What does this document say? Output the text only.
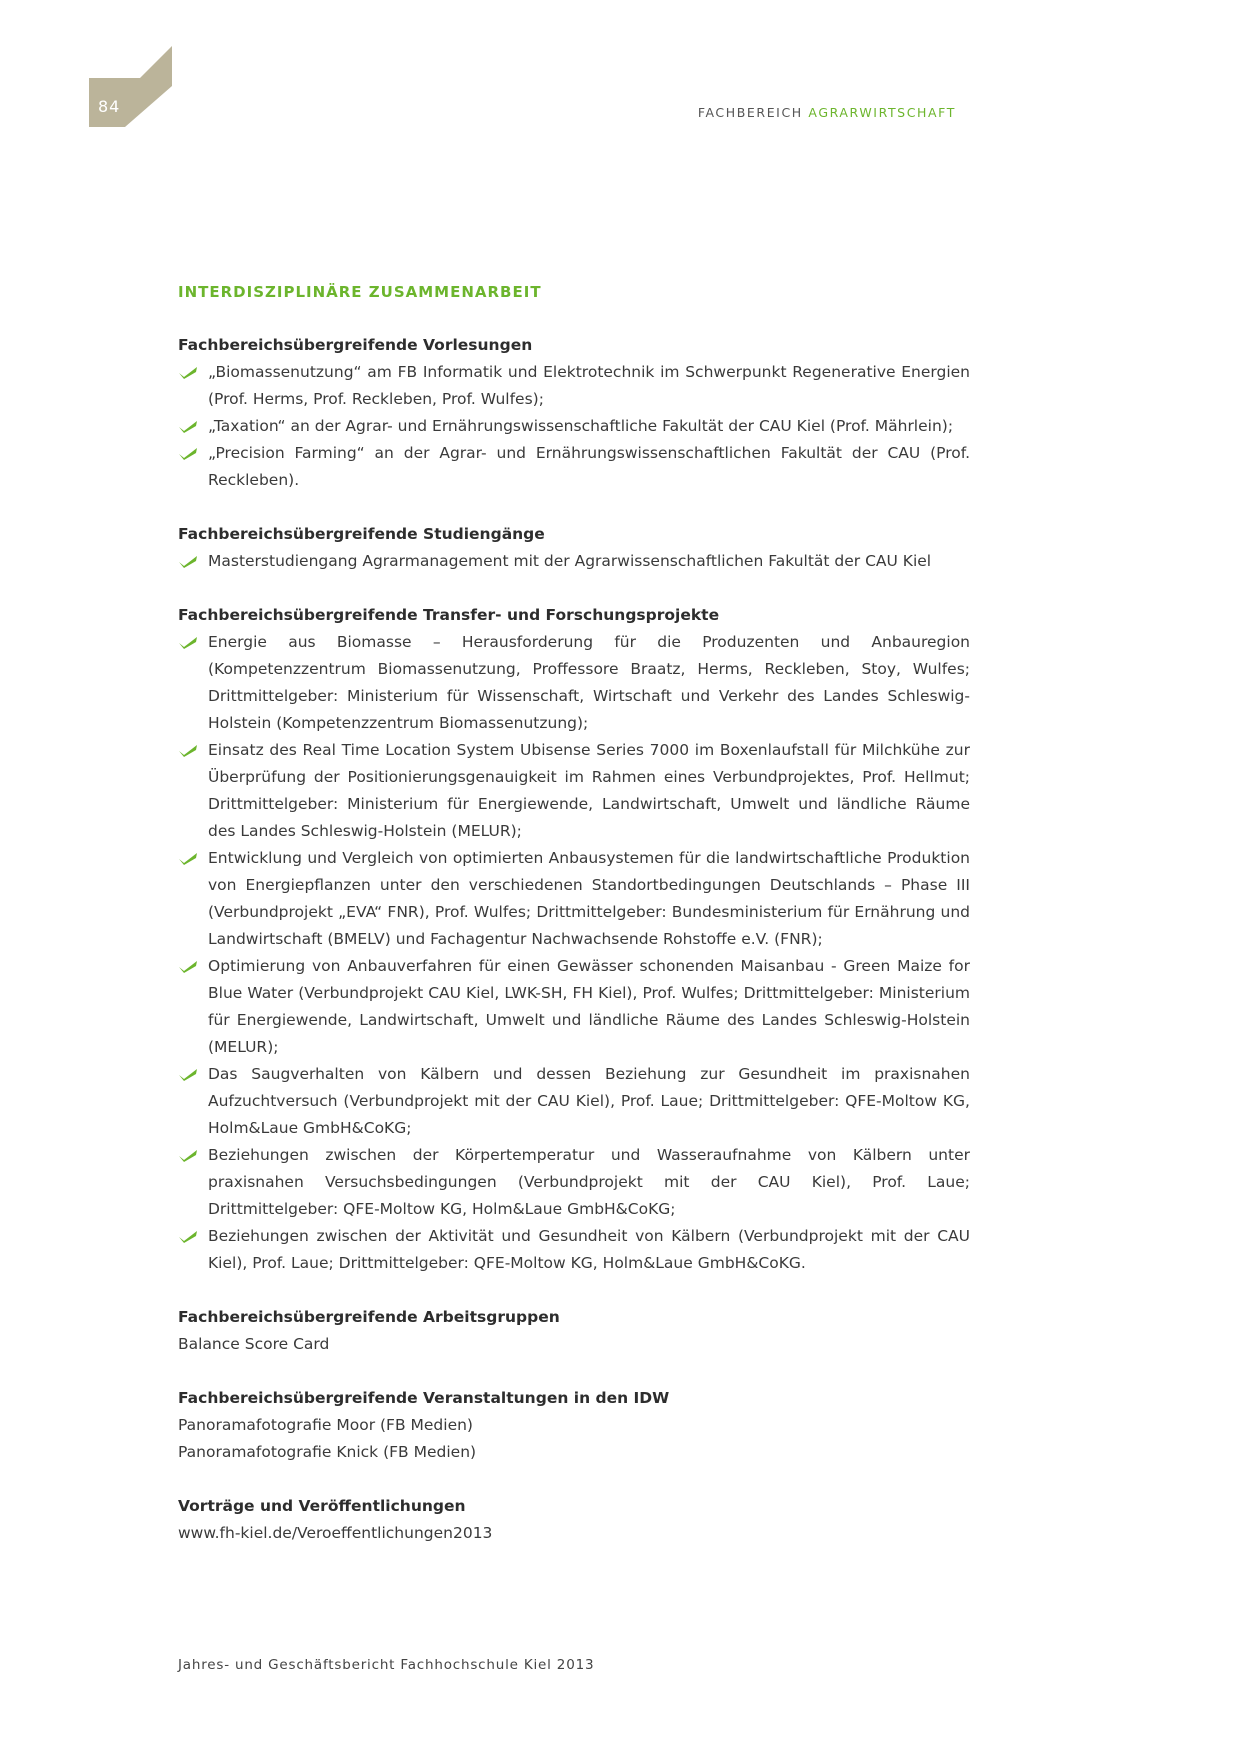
84	FACHBEREICH AGRARWIRTSCHAFT
INTERDISZIPLINÄRE ZUSAMMENARBEIT
Fachbereichsübergreifende Vorlesungen
„Biomassenutzung“ am FB Informatik und Elektrotechnik im Schwerpunkt Regenerative Energien (Prof. Herms, Prof. Reckleben, Prof. Wulfes);
„Taxation“ an der Agrar- und Ernährungswissenschaftliche Fakultät der CAU Kiel (Prof. Mährlein);
„Precision Farming“ an der Agrar- und Ernährungswissenschaftlichen Fakultät der CAU (Prof. Reckleben).
Fachbereichsübergreifende Studiengänge
Masterstudiengang Agrarmanagement mit der Agrarwissenschaftlichen Fakultät der CAU Kiel
Fachbereichsübergreifende Transfer- und Forschungsprojekte
Energie aus Biomasse – Herausforderung für die Produzenten und Anbauregion (Kompetenzzentrum Biomassenutzung, Proffessore Braatz, Herms, Reckleben, Stoy, Wulfes; Drittmittelgeber: Ministerium für Wissenschaft, Wirtschaft und Verkehr des Landes Schleswig-Holstein (Kompetenzzentrum Biomassenutzung);
Einsatz des Real Time Location System Ubisense Series 7000 im Boxenlaufstall für Milchkühe zur Überprüfung der Positionierungsgenauigkeit im Rahmen eines Verbundprojektes, Prof. Hellmut; Drittmittelgeber: Ministerium für Energiewende, Landwirtschaft, Umwelt und ländliche Räume des Landes Schleswig-Holstein (MELUR);
Entwicklung und Vergleich von optimierten Anbausystemen für die landwirtschaftliche Produktion von Energiepflanzen unter den verschiedenen Standortbedingungen Deutschlands – Phase III (Verbundprojekt „EVA“ FNR), Prof. Wulfes; Drittmittelgeber: Bundesministerium für Ernährung und Landwirtschaft (BMELV) und Fachagentur Nachwachsende Rohstoffe e.V. (FNR);
Optimierung von Anbauverfahren für einen Gewässer schonenden Maisanbau - Green Maize for Blue Water (Verbundprojekt CAU Kiel, LWK-SH, FH Kiel), Prof. Wulfes; Drittmittelgeber: Ministerium für Energiewende, Landwirtschaft, Umwelt und ländliche Räume des Landes Schleswig-Holstein (MELUR);
Das Saugverhalten von Kälbern und dessen Beziehung zur Gesundheit im praxisnahen Aufzuchtversuch (Verbundprojekt mit der CAU Kiel), Prof. Laue; Drittmittelgeber: QFE-Moltow KG, Holm&Laue GmbH&CoKG;
Beziehungen zwischen der Körpertemperatur und Wasseraufnahme von Kälbern unter praxisnahen Versuchsbedingungen (Verbundprojekt mit der CAU Kiel), Prof. Laue; Drittmittelgeber: QFE-Moltow KG, Holm&Laue GmbH&CoKG;
Beziehungen zwischen der Aktivität und Gesundheit von Kälbern (Verbundprojekt mit der CAU Kiel), Prof. Laue; Drittmittelgeber: QFE-Moltow KG, Holm&Laue GmbH&CoKG.
Fachbereichsübergreifende Arbeitsgruppen

Balance Score Card

Fachbereichsübergreifende Veranstaltungen in den IDW

Panoramafotografie Moor (FB Medien)

Panoramafotografie Knick (FB Medien)

Vorträge und Veröffentlichungen

www.fh-kiel.de/Veroeffentlichungen2013

Jahres- und Geschäftsbericht Fachhochschule Kiel 2013
